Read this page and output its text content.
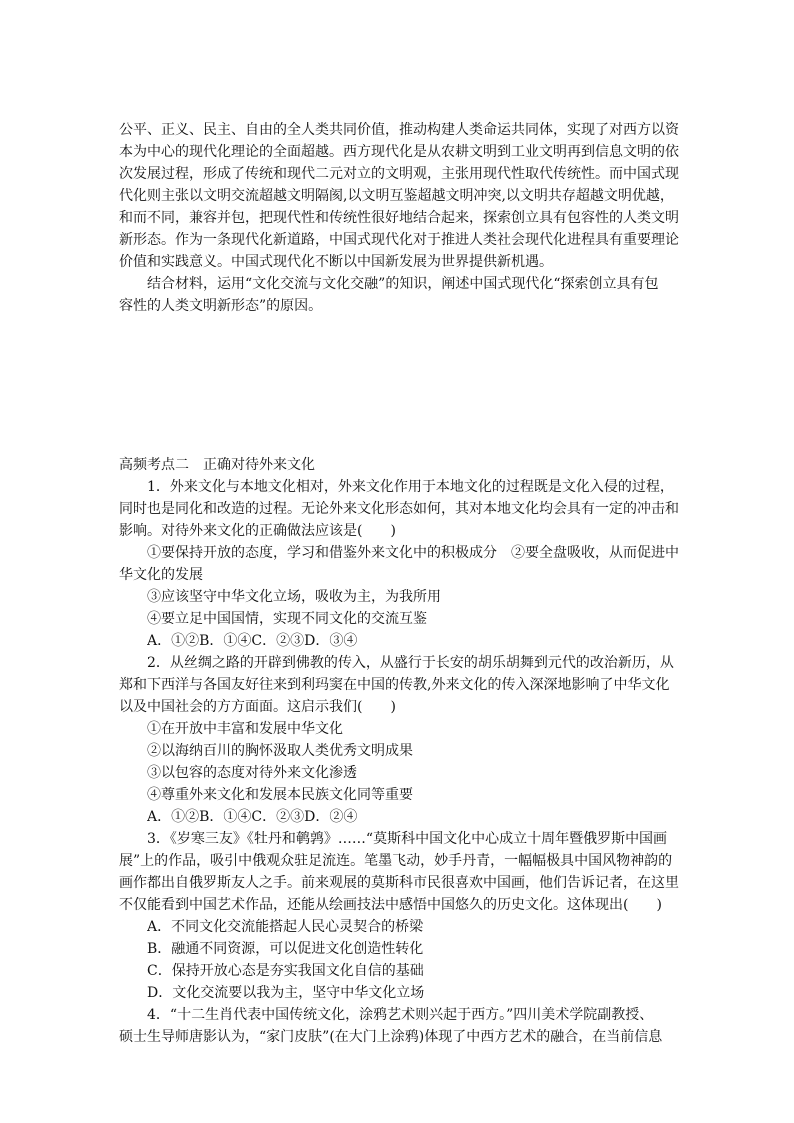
公平、正义、民主、自由的全人类共同价值，推动构建人类命运共同体，实现了对西方以资
本为中心的现代化理论的全面超越。西方现代化是从农耕文明到工业文明再到信息文明的依
次发展过程，形成了传统和现代二元对立的文明观，主张用现代性取代传统性。而中国式现
代化则主张以文明交流超越文明隔阂,以文明互鉴超越文明冲突,以文明共存超越文明优越，
和而不同，兼容并包，把现代性和传统性很好地结合起来，探索创立具有包容性的人类文明
新形态。作为一条现代化新道路，中国式现代化对于推进人类社会现代化进程具有重要理论
价值和实践意义。中国式现代化不断以中国新发展为世界提供新机遇。
结合材料，运用“文化交流与文化交融”的知识，阐述中国式现代化“探索创立具有包
容性的人类文明新形态”的原因。
高频考点二　正确对待外来文化
1．外来文化与本地文化相对，外来文化作用于本地文化的过程既是文化入侵的过程，
同时也是同化和改造的过程。无论外来文化形态如何，其对本地文化均会具有一定的冲击和
影响。对待外来文化的正确做法应该是(　　)
①要保持开放的态度，学习和借鉴外来文化中的积极成分　②要全盘吸收，从而促进中
华文化的发展
③应该坚守中华文化立场，吸收为主，为我所用
④要立足中国国情，实现不同文化的交流互鉴
A．①②B．①④C．②③D．③④
2．从丝绸之路的开辟到佛教的传入，从盛行于长安的胡乐胡舞到元代的改治新历，从
郑和下西洋与各国友好往来到利玛窦在中国的传教,外来文化的传入深深地影响了中华文化
以及中国社会的方方面面。这启示我们(　　)
①在开放中丰富和发展中华文化
②以海纳百川的胸怀汲取人类优秀文明成果
③以包容的态度对待外来文化渗透
④尊重外来文化和发展本民族文化同等重要
A．①②B．①④C．②③D．②④
3．《岁寒三友》《牡丹和鹌鹑》……“莫斯科中国文化中心成立十周年暨俄罗斯中国画
展”上的作品，吸引中俄观众驻足流连。笔墨飞动，妙手丹青，一幅幅极具中国风物神韵的
画作都出自俄罗斯友人之手。前来观展的莫斯科市民很喜欢中国画，他们告诉记者，在这里
不仅能看到中国艺术作品，还能从绘画技法中感悟中国悠久的历史文化。这体现出(　　)
A．不同文化交流能搭起人民心灵契合的桥梁
B．融通不同资源，可以促进文化创造性转化
C．保持开放心态是夯实我国文化自信的基础
D．文化交流要以我为主，坚守中华文化立场
4．“十二生肖代表中国传统文化，涂鸦艺术则兴起于西方。”四川美术学院副教授、
硕士生导师唐影认为，“家门皮肤”(在大门上涂鸦)体现了中西方艺术的融合，在当前信息
